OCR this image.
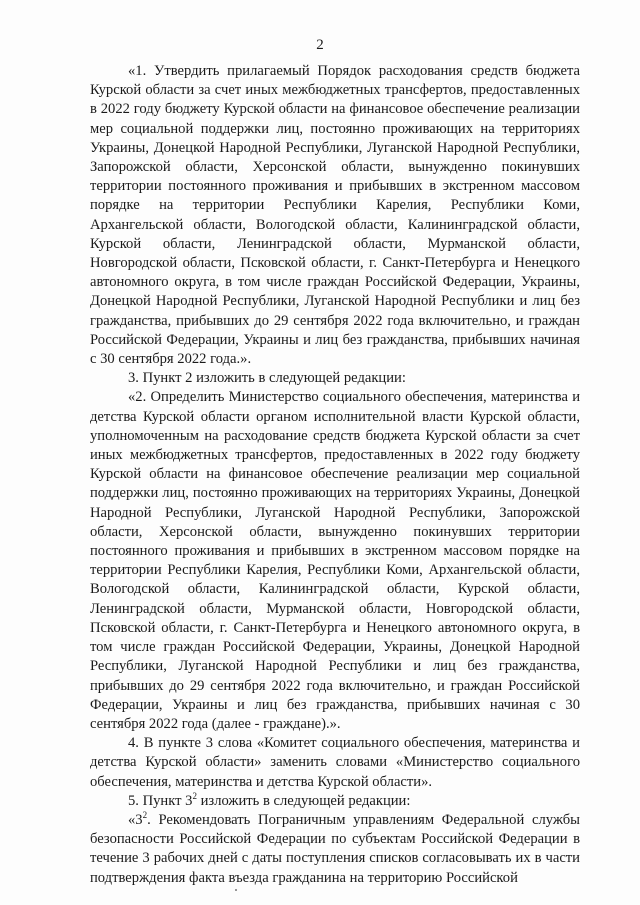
2

«1. Утвердить прилагаемый Порядок расходования средств бюджета Курской области за счет иных межбюджетных трансфертов, предоставленных в 2022 году бюджету Курской области на финансовое обеспечение реализации мер социальной поддержки лиц, постоянно проживающих на территориях Украины, Донецкой Народной Республики, Луганской Народной Республики, Запорожской области, Херсонской области, вынужденно покинувших территории постоянного проживания и прибывших в экстренном массовом порядке на территории Республики Карелия, Республики Коми, Архангельской области, Вологодской области, Калининградской области, Курской области, Ленинградской области, Мурманской области, Новгородской области, Псковской области, г. Санкт-Петербурга и Ненецкого автономного округа, в том числе граждан Российской Федерации, Украины, Донецкой Народной Республики, Луганской Народной Республики и лиц без гражданства, прибывших до 29 сентября 2022 года включительно, и граждан Российской Федерации, Украины и лиц без гражданства, прибывших начиная с 30 сентября 2022 года.».

3. Пункт 2 изложить в следующей редакции:

«2. Определить Министерство социального обеспечения, материнства и детства Курской области органом исполнительной власти Курской области, уполномоченным на расходование средств бюджета Курской области за счет иных межбюджетных трансфертов, предоставленных в 2022 году бюджету Курской области на финансовое обеспечение реализации мер социальной поддержки лиц, постоянно проживающих на территориях Украины, Донецкой Народной Республики, Луганской Народной Республики, Запорожской области, Херсонской области, вынужденно покинувших территории постоянного проживания и прибывших в экстренном массовом порядке на территории Республики Карелия, Республики Коми, Архангельской области, Вологодской области, Калининградской области, Курской области, Ленинградской области, Мурманской области, Новгородской области, Псковской области, г. Санкт-Петербурга и Ненецкого автономного округа, в том числе граждан Российской Федерации, Украины, Донецкой Народной Республики, Луганской Народной Республики и лиц без гражданства, прибывших до 29 сентября 2022 года включительно, и граждан Российской Федерации, Украины и лиц без гражданства, прибывших начиная с 30 сентября 2022 года (далее - граждане).».

4. В пункте 3 слова «Комитет социального обеспечения, материнства и детства Курской области» заменить словами «Министерство социального обеспечения, материнства и детства Курской области».

5. Пункт $3^2$ изложить в следующей редакции:

«$3^2$. Рекомендовать Пограничным управлениям Федеральной службы безопасности Российской Федерации по субъектам Российской Федерации в течение 3 рабочих дней с даты поступления списков согласовывать их в части подтверждения факта въезда гражданина на территорию Российской
